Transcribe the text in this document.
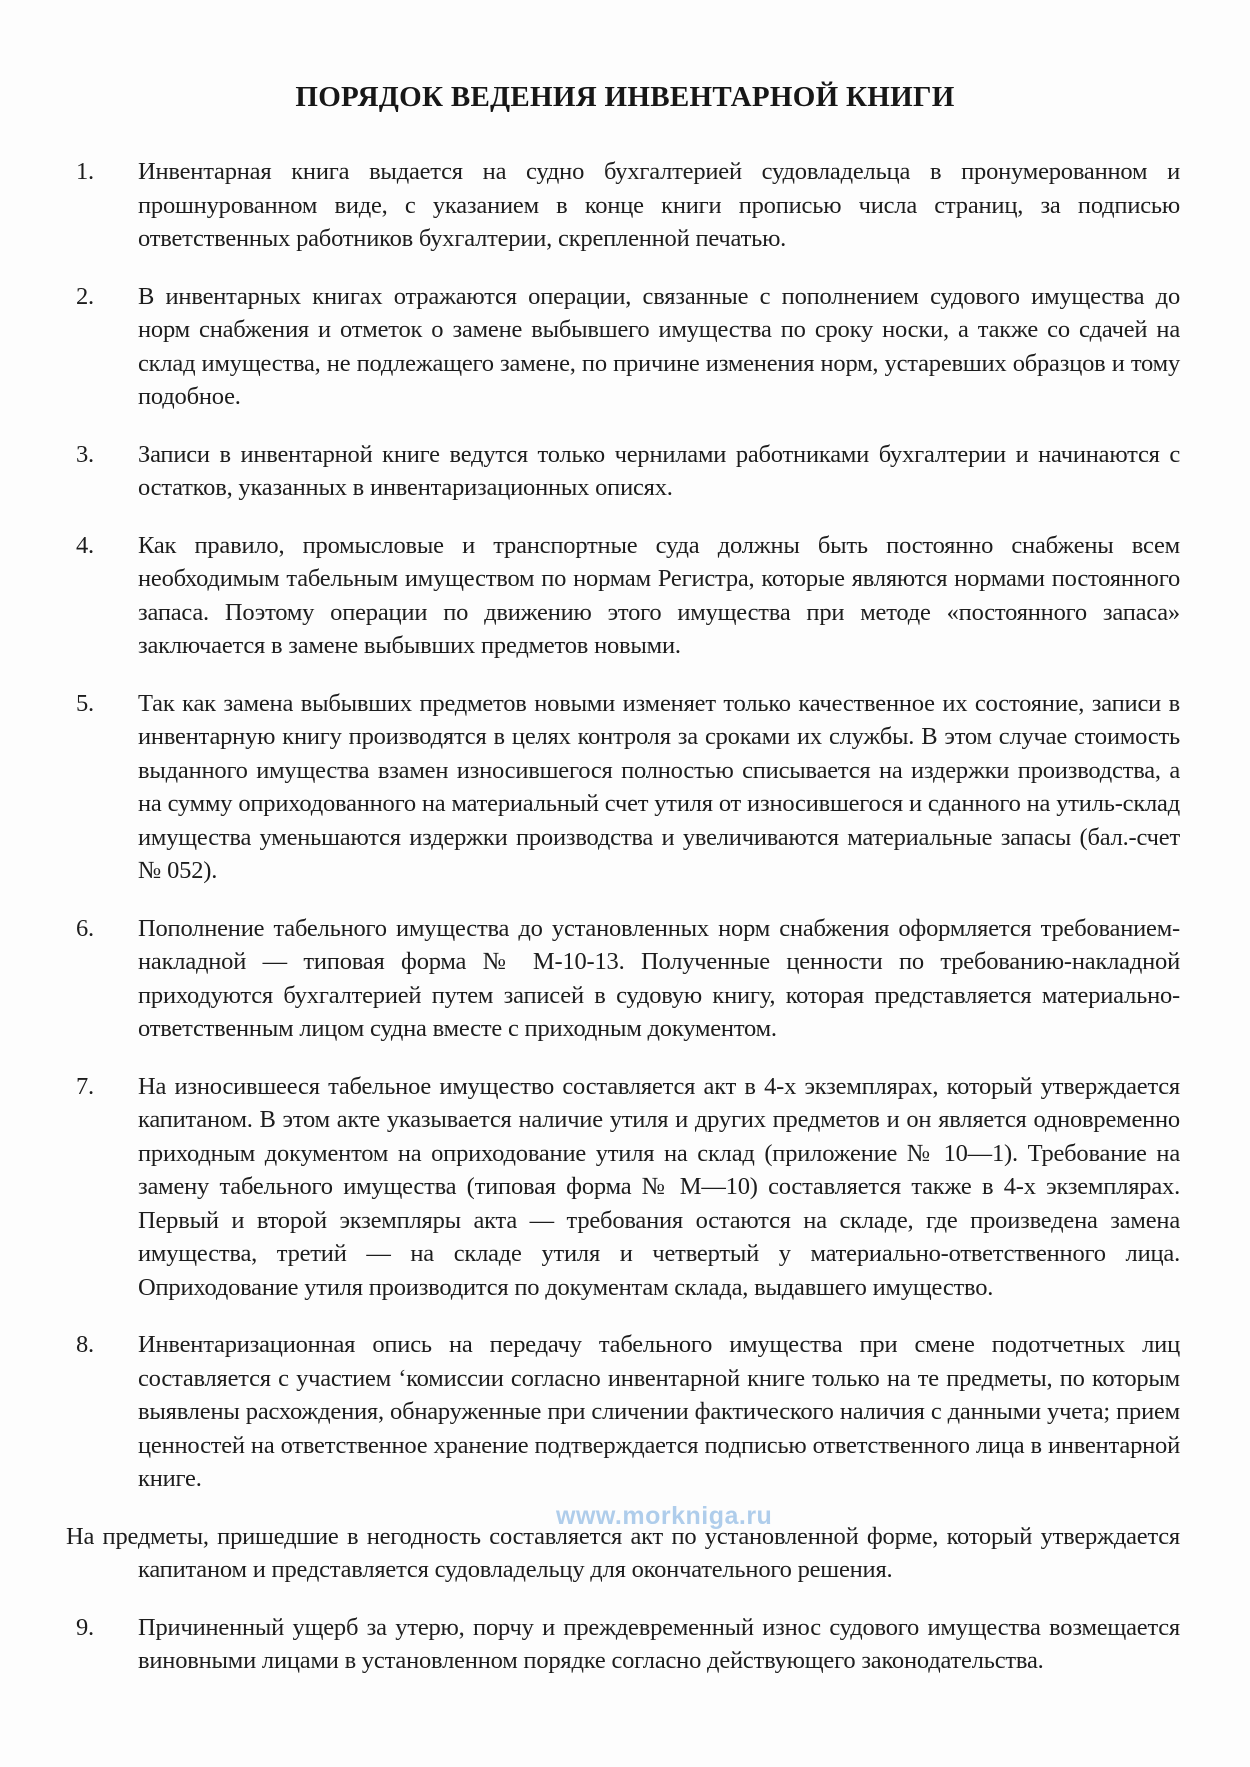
ПОРЯДОК ВЕДЕНИЯ ИНВЕНТАРНОЙ КНИГИ
1.	Инвентарная книга выдается на судно бухгалтерией судовладельца в пронумерованном и прошнурованном виде, с указанием в конце книги прописью числа страниц, за подписью ответственных работников бухгалтерии, скрепленной печатью.
2.	В инвентарных книгах отражаются операции, связанные с пополнением судового имущества до норм снабжения и отметок о замене выбывшего имущества по сроку носки, а также со сдачей на склад имущества, не подлежащего замене, по причине изменения норм, устаревших образцов и тому подобное.
3.	Записи в инвентарной книге ведутся только чернилами работниками бухгалтерии и начинаются с остатков, указанных в инвентаризационных описях.
4.	Как правило, промысловые и транспортные суда должны быть постоянно снабжены всем необходимым табельным имуществом по нормам Регистра, которые являются нормами постоянного запаса. Поэтому операции по движению этого имущества при методе «постоянного запаса» заключается в замене выбывших предметов новыми.
5.	Так как замена выбывших предметов новыми изменяет только качественное их состояние, записи в инвентарную книгу производятся в целях контроля за сроками их службы. В этом случае стоимость выданного имущества взамен износившегося полностью списывается на издержки производства, а на сумму оприходованного на материальный счет утиля от износившегося и сданного на утиль-склад имущества уменьшаются издержки производства и увеличиваются материальные запасы (бал.-счет № 052).
6.	Пополнение табельного имущества до установленных норм снабжения оформляется требованием-накладной — типовая форма № М-10-13. Полученные ценности по требованию-накладной приходуются бухгалтерией путем записей в судовую книгу, которая представляется материально-ответственным лицом судна вместе с приходным документом.
7.	На износившееся табельное имущество составляется акт в 4-х экземплярах, который утверждается капитаном. В этом акте указывается наличие утиля и других предметов и он является одновременно приходным документом на оприходование утиля на склад (приложение № 10—1). Требование на замену табельного имущества (типовая форма № М—10) составляется также в 4-х экземплярах. Первый и второй экземпляры акта — требования остаются на складе, где произведена замена имущества, третий — на складе утиля и четвертый у материально-ответственного лица. Оприходование утиля производится по документам склада, выдавшего имущество.
8.	Инвентаризационная опись на передачу табельного имущества при смене подотчетных лиц составляется с участием ‘комиссии согласно инвентарной книге только на те предметы, по которым выявлены расхождения, обнаруженные при сличении фактического наличия с данными учета; прием ценностей на ответственное хранение подтверждается подписью ответственного лица в инвентарной книге.
На предметы, пришедшие в негодность составляется акт по установленной форме, который утверждается капитаном и представляется судовладельцу для окончательного решения.
9.	Причиненный ущерб за утерю, порчу и преждевременный износ судового имущества возмещается виновными лицами в установленном порядке согласно действующего законодательства.
www.morkniga.ru
